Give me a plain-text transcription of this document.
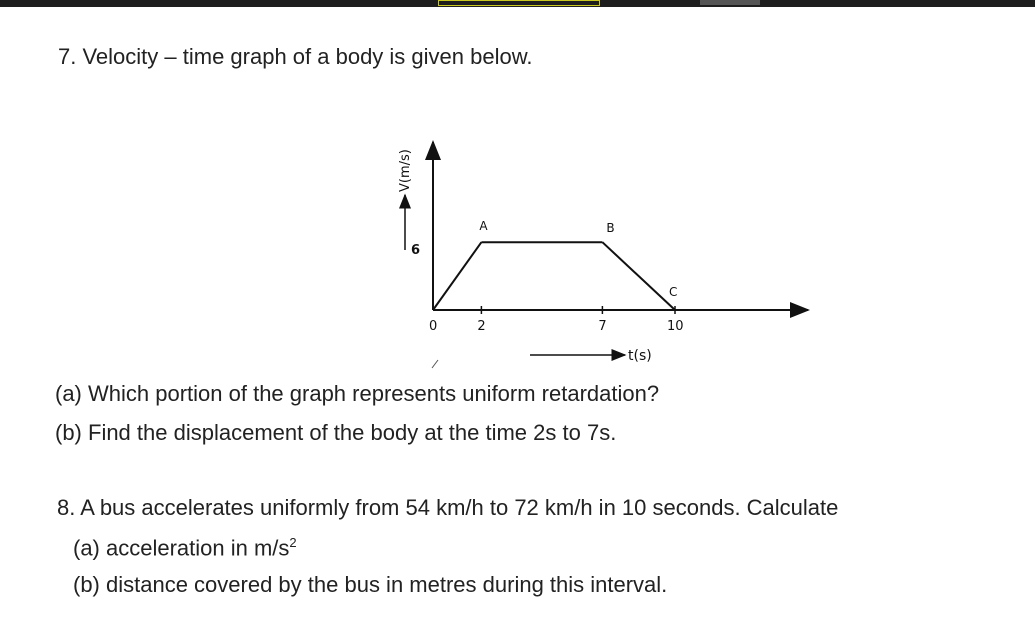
7. Velocity – time graph of a body is given below.
V(m/s)
t(s)
A	B
C
0	2	7	10
6
(a) Which portion of the graph represents uniform retardation?
(b) Find the displacement of the body at the time 2s to 7s.
8. A bus accelerates uniformly from 54 km/h to 72 km/h in 10 seconds. Calculate
(a) acceleration in $m/s^2$
(b) distance covered by the bus in metres during this interval.
